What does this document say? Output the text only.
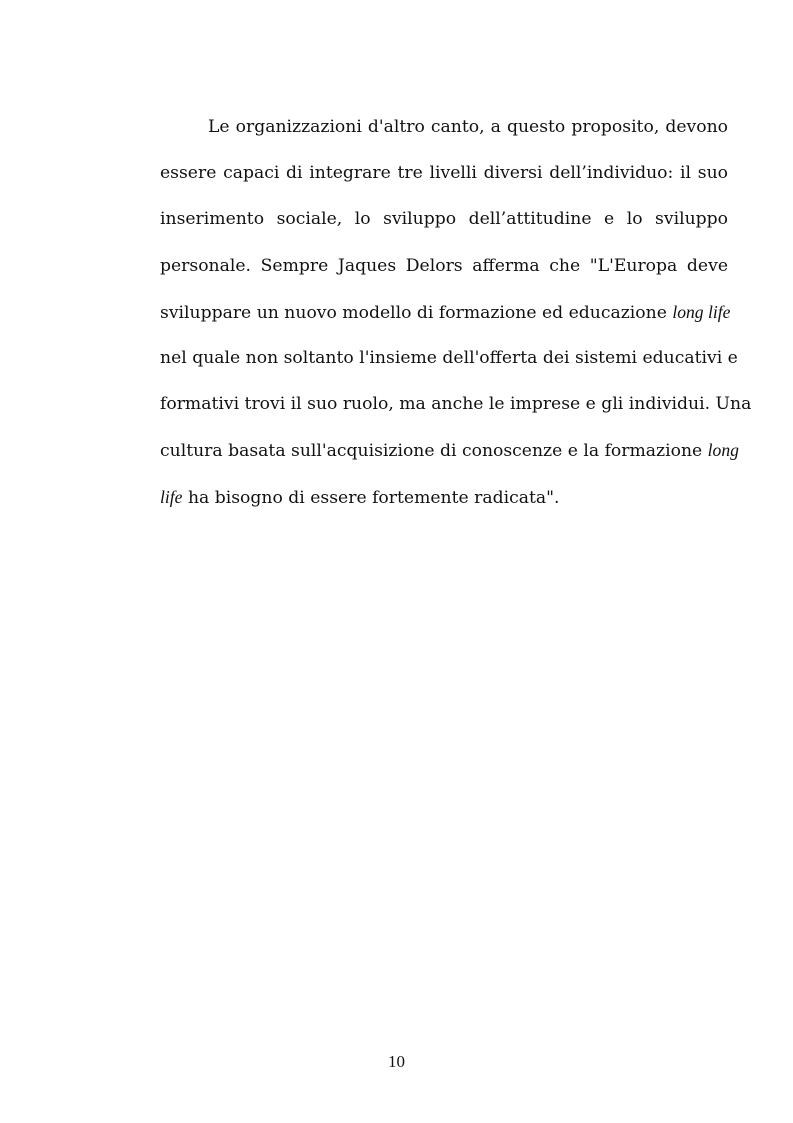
Le organizzazioni d'altro canto, a questo proposito, devono
essere capaci di integrare tre livelli diversi dell’individuo: il suo
inserimento sociale, lo sviluppo dell’attitudine e lo sviluppo
personale. Sempre Jaques Delors afferma che "L'Europa deve
sviluppare un nuovo modello di formazione ed educazione long life
nel quale non soltanto l'insieme dell'offerta dei sistemi educativi e
formativi trovi il suo ruolo, ma anche le imprese e gli individui. Una
cultura basata sull'acquisizione di conoscenze e la formazione long
life ha bisogno di essere fortemente radicata".
10
